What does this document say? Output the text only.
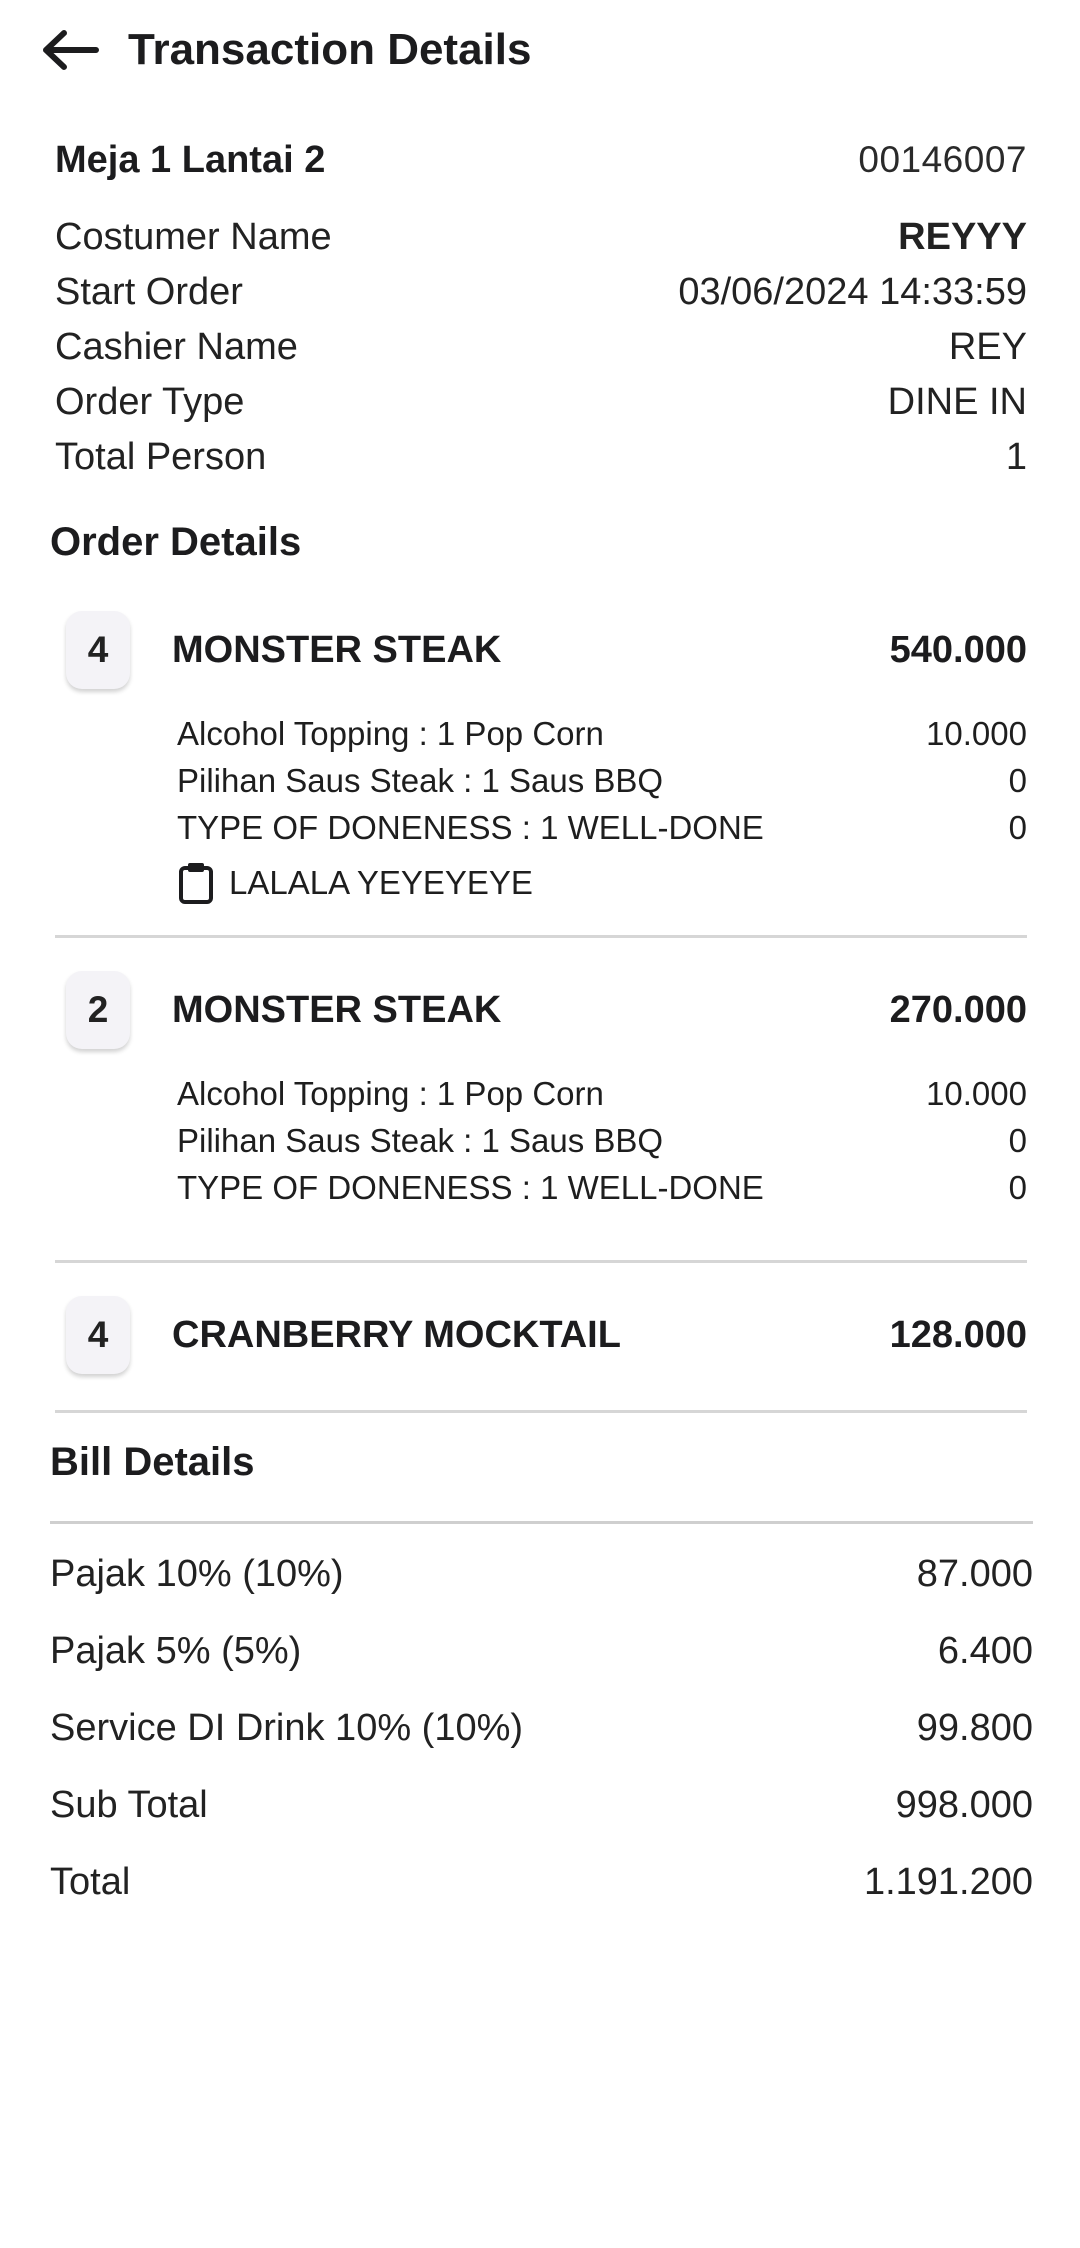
Transaction Details
Meja 1 Lantai 2	00146007
Costumer Name	REYYY
Start Order	03/06/2024 14:33:59
Cashier Name	REY
Order Type	DINE IN
Total Person	1
Order Details
4	MONSTER STEAK	540.000
Alcohol Topping : 1 Pop Corn	10.000
Pilihan Saus Steak : 1 Saus BBQ	0
TYPE OF DONENESS : 1 WELL-DONE	0
LALALA YEYEYEYE
2	MONSTER STEAK	270.000
Alcohol Topping : 1 Pop Corn	10.000
Pilihan Saus Steak : 1 Saus BBQ	0
TYPE OF DONENESS : 1 WELL-DONE	0
4	CRANBERRY MOCKTAIL	128.000
Bill Details
Pajak 10% (10%)	87.000
Pajak 5% (5%)	6.400
Service DI Drink 10% (10%)	99.800
Sub Total	998.000
Total	1.191.200
